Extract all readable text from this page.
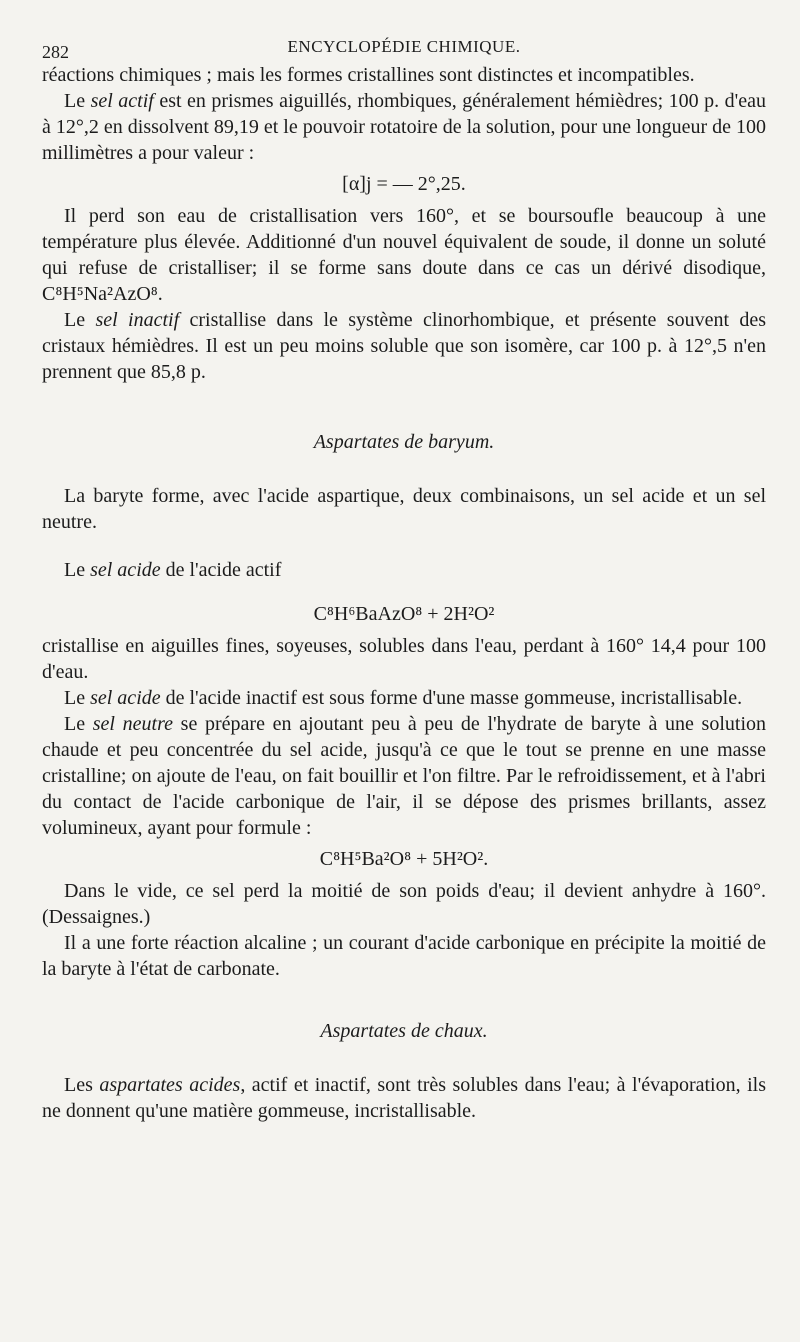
282	ENCYCLOPÉDIE CHIMIQUE.

réactions chimiques ; mais les formes cristallines sont distinctes et incompatibles.

Le sel actif est en prismes aiguillés, rhombiques, généralement hémièdres; 100 p. d'eau à 12°,2 en dissolvent 89,19 et le pouvoir rotatoire de la solution, pour une longueur de 100 millimètres a pour valeur :

[α]j = — 2°,25.

Il perd son eau de cristallisation vers 160°, et se boursoufle beaucoup à une température plus élevée. Additionné d'un nouvel équivalent de soude, il donne un soluté qui refuse de cristalliser; il se forme sans doute dans ce cas un dérivé disodique, C⁸H⁵Na²AzO⁸.

Le sel inactif cristallise dans le système clinorhombique, et présente souvent des cristaux hémièdres. Il est un peu moins soluble que son isomère, car 100 p. à 12°,5 n'en prennent que 85,8 p.

Aspartates de baryum.

La baryte forme, avec l'acide aspartique, deux combinaisons, un sel acide et un sel neutre.

Le sel acide de l'acide actif

C⁸H⁶BaAzO⁸ + 2H²O²

cristallise en aiguilles fines, soyeuses, solubles dans l'eau, perdant à 160° 14,4 pour 100 d'eau.

Le sel acide de l'acide inactif est sous forme d'une masse gommeuse, incristallisable.

Le sel neutre se prépare en ajoutant peu à peu de l'hydrate de baryte à une solution chaude et peu concentrée du sel acide, jusqu'à ce que le tout se prenne en une masse cristalline; on ajoute de l'eau, on fait bouillir et l'on filtre. Par le refroidissement, et à l'abri du contact de l'acide carbonique de l'air, il se dépose des prismes brillants, assez volumineux, ayant pour formule :

C⁸H⁵Ba²O⁸ + 5H²O².

Dans le vide, ce sel perd la moitié de son poids d'eau; il devient anhydre à 160°. (Dessaignes.)

Il a une forte réaction alcaline ; un courant d'acide carbonique en précipite la moitié de la baryte à l'état de carbonate.

Aspartates de chaux.

Les aspartates acides, actif et inactif, sont très solubles dans l'eau; à l'évaporation, ils ne donnent qu'une matière gommeuse, incristallisable.
